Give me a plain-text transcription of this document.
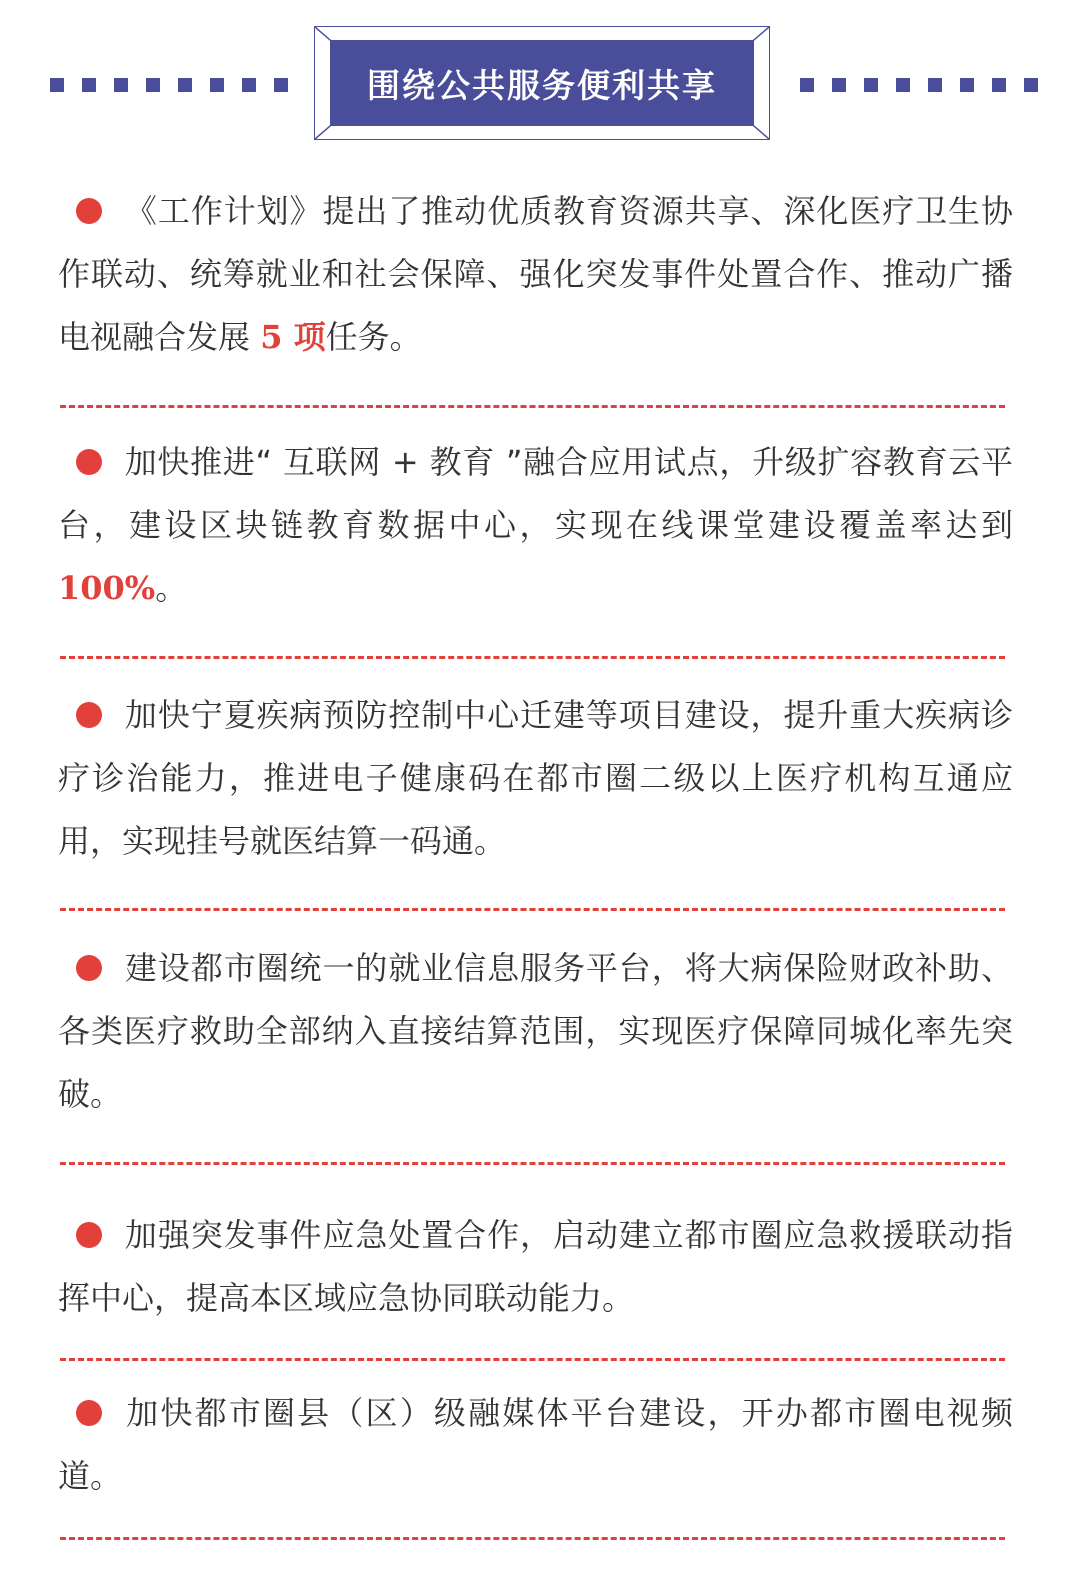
围绕公共服务便利共享
《工作计划》提出了推动优质教育资源共享、深化医疗卫生协作联动、统筹就业和社会保障、强化突发事件处置合作、推动广播电视融合发展 5 项任务。
加快推进“ 互联网 + 教育 ”融合应用试点，升级扩容教育云平台，建设区块链教育数据中心，实现在线课堂建设覆盖率达到 100%。
加快宁夏疾病预防控制中心迁建等项目建设，提升重大疾病诊疗诊治能力，推进电子健康码在都市圈二级以上医疗机构互通应用，实现挂号就医结算一码通。
建设都市圈统一的就业信息服务平台，将大病保险财政补助、各类医疗救助全部纳入直接结算范围，实现医疗保障同城化率先突破。
加强突发事件应急处置合作，启动建立都市圈应急救援联动指挥中心，提高本区域应急协同联动能力。
加快都市圈县（区）级融媒体平台建设，开办都市圈电视频道。
